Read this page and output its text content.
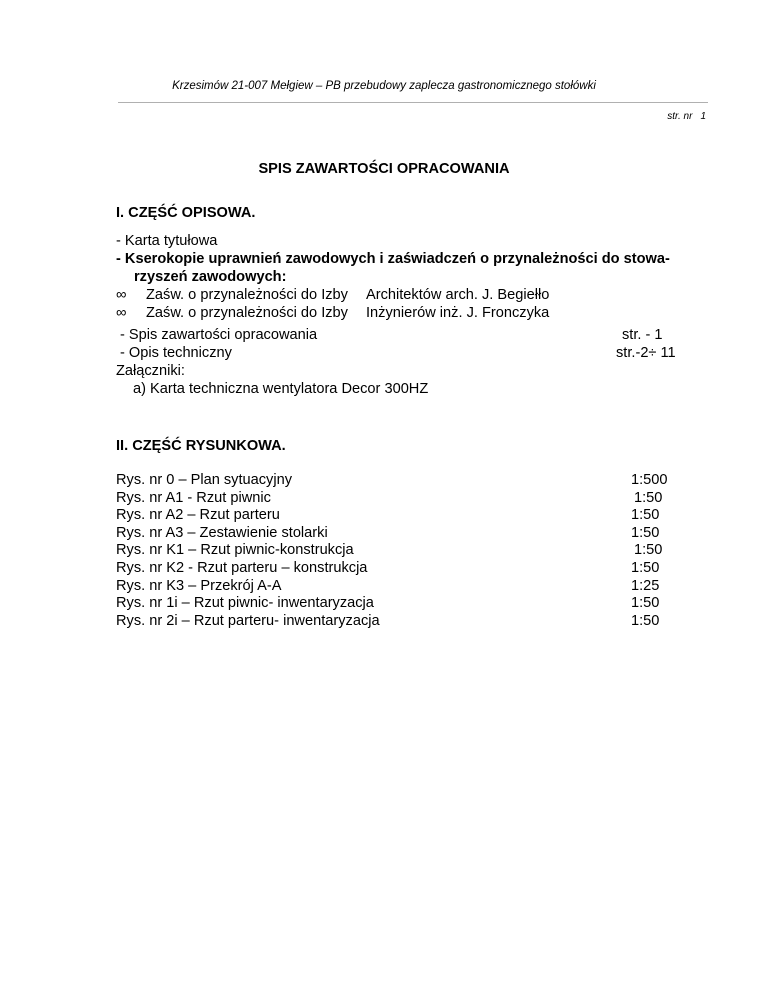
Krzesimów 21-007 Mełgiew – PB przebudowy zaplecza gastronomicznego stołówki
str. nr 1
SPIS ZAWARTOŚCI OPRACOWANIA
I. CZĘŚĆ OPISOWA.
- Karta tytułowa
- Kserokopie uprawnień zawodowych i zaświadczeń o przynależności do stowa-
rzyszeń zawodowych:
∞ Zaśw. o przynależności do Izby Architektów arch. J. Begiełło
∞ Zaśw. o przynależności do Izby Inżynierów inż. J. Fronczyka
- Spis zawartości opracowania	str. - 1
- Opis techniczny	str.-2÷ 11
Załączniki:
a) Karta techniczna wentylatora Decor 300HZ
II. CZĘŚĆ RYSUNKOWA.
Rys. nr 0 – Plan sytuacyjny	1:500
Rys. nr A1 - Rzut piwnic	1:50
Rys. nr A2 – Rzut parteru	1:50
Rys. nr A3 – Zestawienie stolarki	1:50
Rys. nr K1 – Rzut piwnic-konstrukcja	1:50
Rys. nr K2 - Rzut parteru – konstrukcja	1:50
Rys. nr K3 – Przekrój A-A	1:25
Rys. nr 1i – Rzut piwnic- inwentaryzacja	1:50
Rys. nr 2i – Rzut parteru- inwentaryzacja	1:50
